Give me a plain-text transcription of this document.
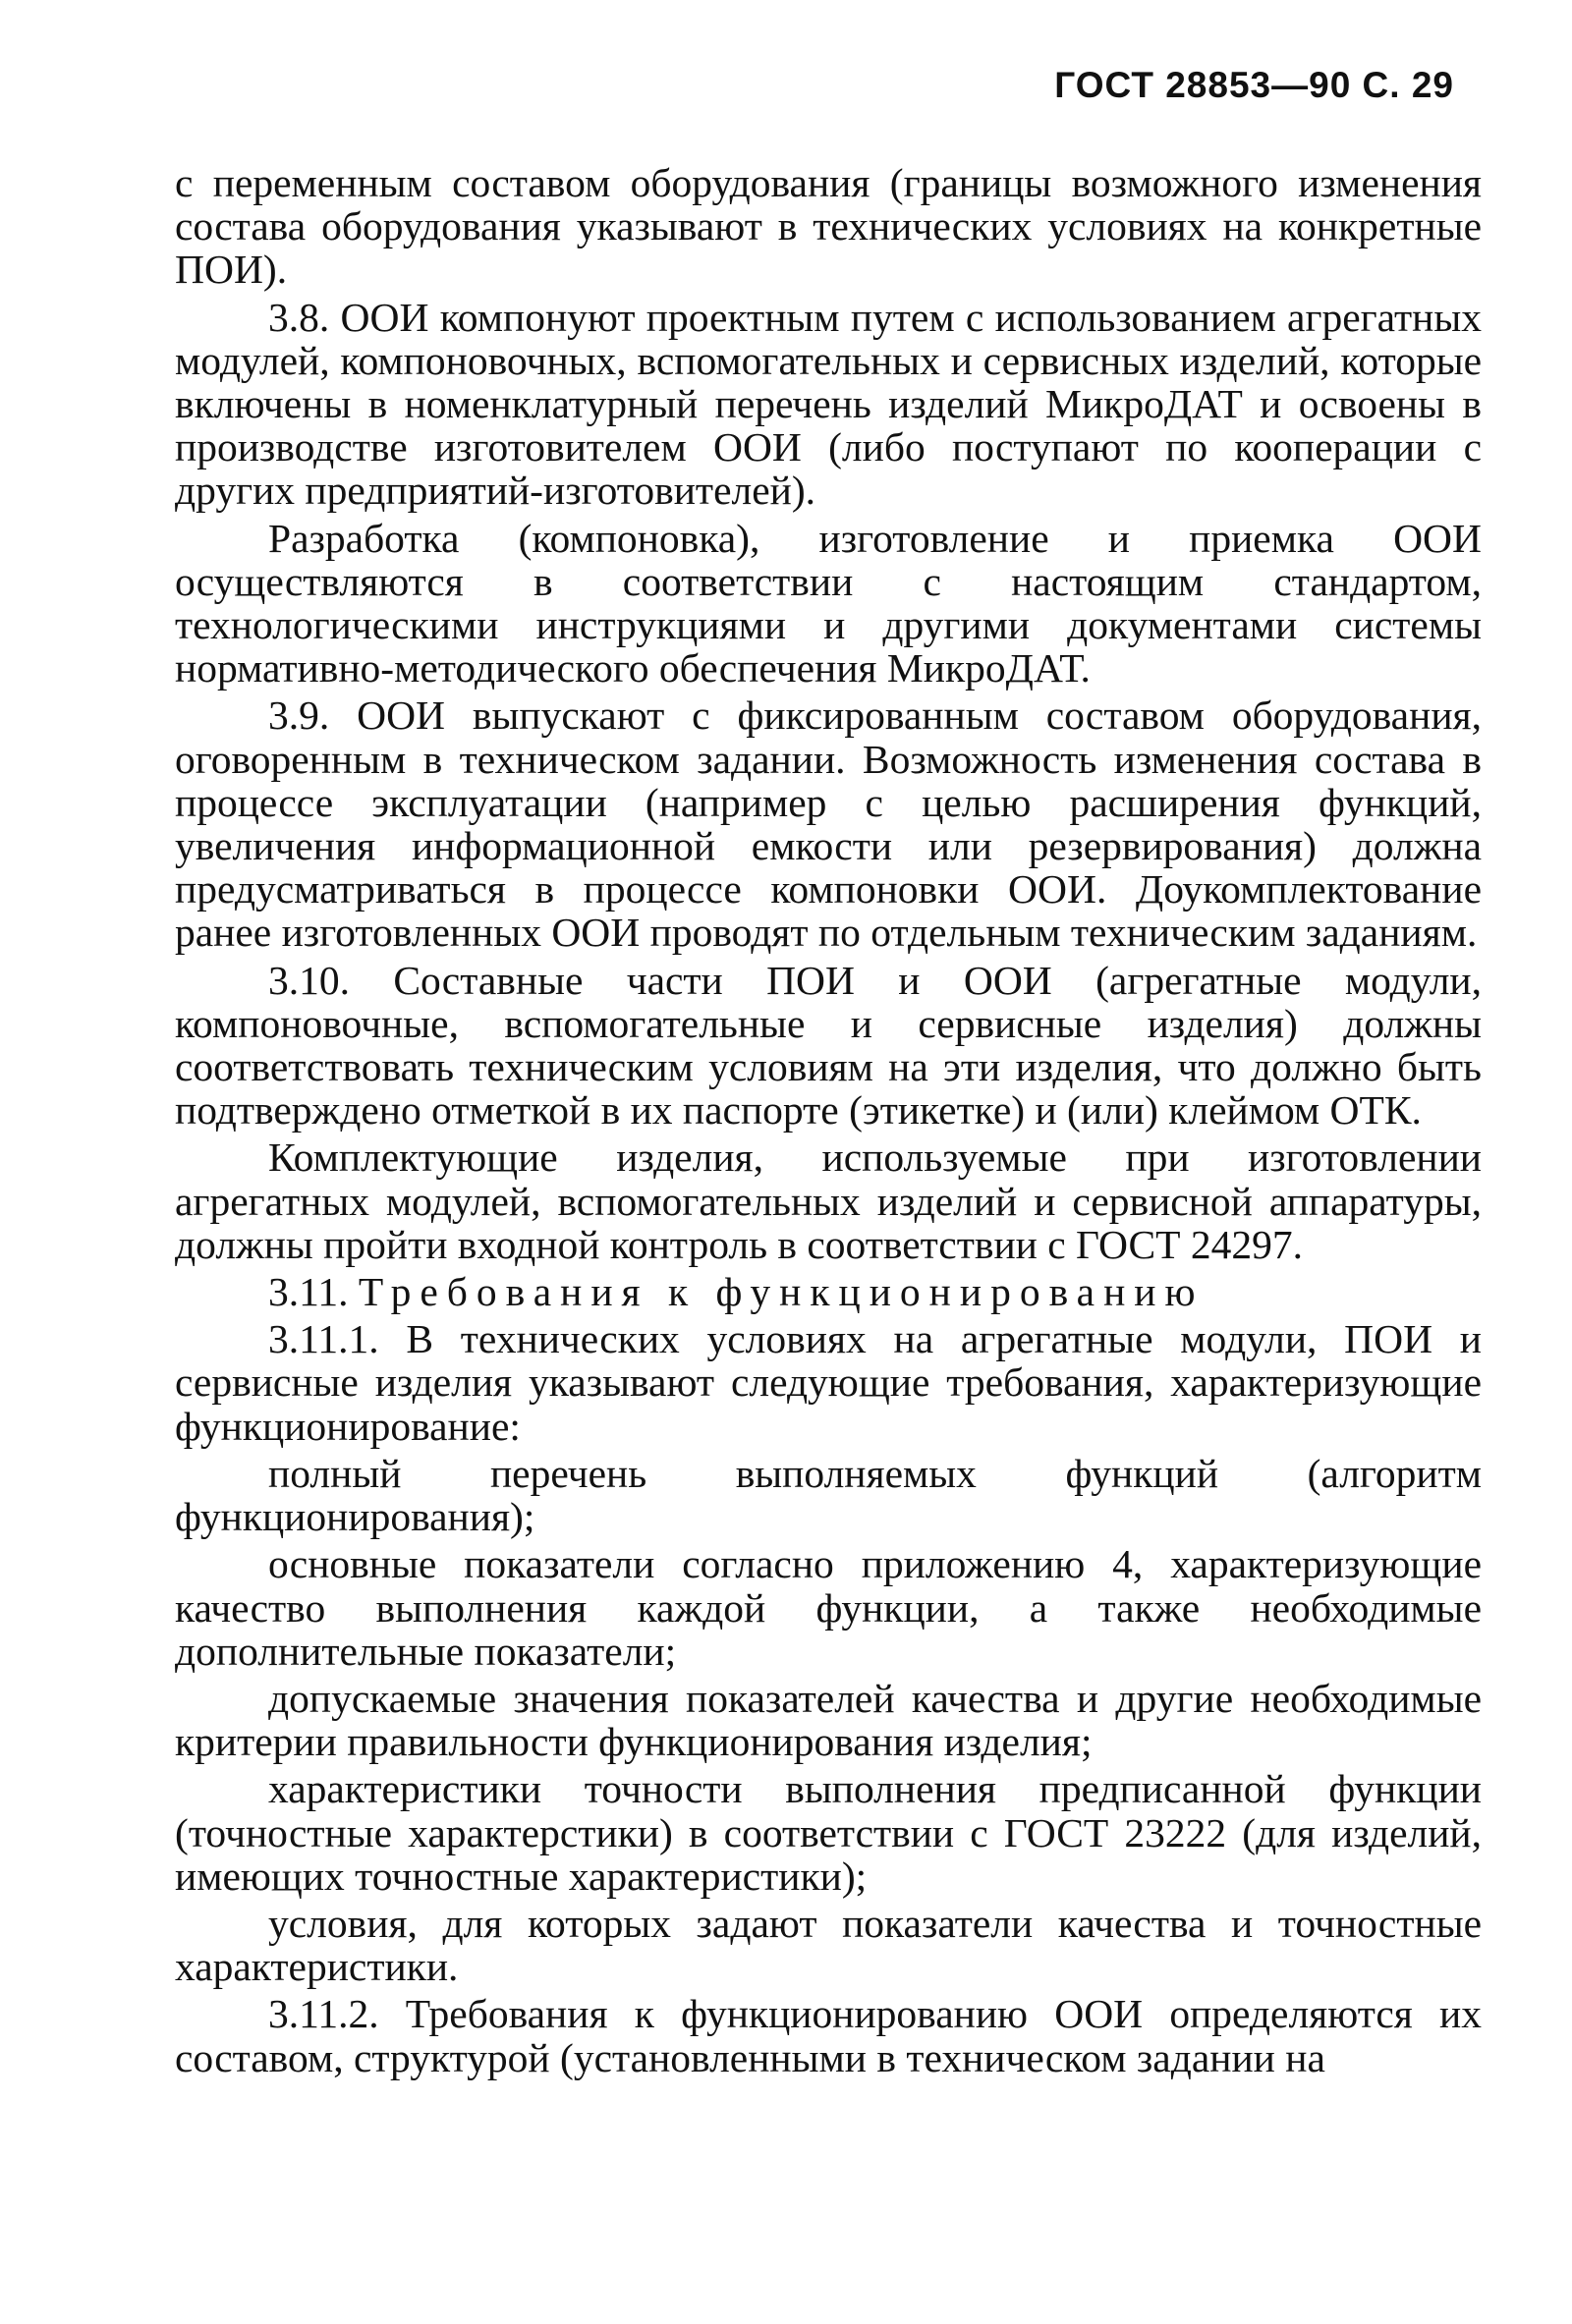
ГОСТ 28853—90 С. 29

с переменным составом оборудования (границы возможного изменения состава оборудования указывают в технических условиях на конкретные ПОИ).

3.8. ООИ компонуют проектным путем с использованием агрегатных модулей, компоновочных, вспомогательных и сервисных изделий, которые включены в номенклатурный перечень изделий МикроДАТ и освоены в производстве изготовителем ООИ (либо поступают по кооперации с других предприятий-изготовителей).

Разработка (компоновка), изготовление и приемка ООИ осуществляются в соответствии с настоящим стандартом, технологическими инструкциями и другими документами системы нормативно-методического обеспечения МикроДАТ.

3.9. ООИ выпускают с фиксированным составом оборудования, оговоренным в техническом задании. Возможность изменения состава в процессе эксплуатации (например с целью расширения функций, увеличения информационной емкости или резервирования) должна предусматриваться в процессе компоновки ООИ. Доукомплектование ранее изготовленных ООИ проводят по отдельным техническим заданиям.

3.10. Составные части ПОИ и ООИ (агрегатные модули, компоновочные, вспомогательные и сервисные изделия) должны соответствовать техническим условиям на эти изделия, что должно быть подтверждено отметкой в их паспорте (этикетке) и (или) клеймом ОТК.

Комплектующие изделия, используемые при изготовлении агрегатных модулей, вспомогательных изделий и сервисной аппаратуры, должны пройти входной контроль в соответствии с ГОСТ 24297.

3.11. Требования к функционированию

3.11.1. В технических условиях на агрегатные модули, ПОИ и сервисные изделия указывают следующие требования, характеризующие функционирование:

полный перечень выполняемых функций (алгоритм функционирования);

основные показатели согласно приложению 4, характеризующие качество выполнения каждой функции, а также необходимые дополнительные показатели;

допускаемые значения показателей качества и другие необходимые критерии правильности функционирования изделия;

характеристики точности выполнения предписанной функции (точностные характерстики) в соответствии с ГОСТ 23222 (для изделий, имеющих точностные характеристики);

условия, для которых задают показатели качества и точностные характеристики.

3.11.2. Требования к функционированию ООИ определяются их составом, структурой (установленными в техническом задании на
